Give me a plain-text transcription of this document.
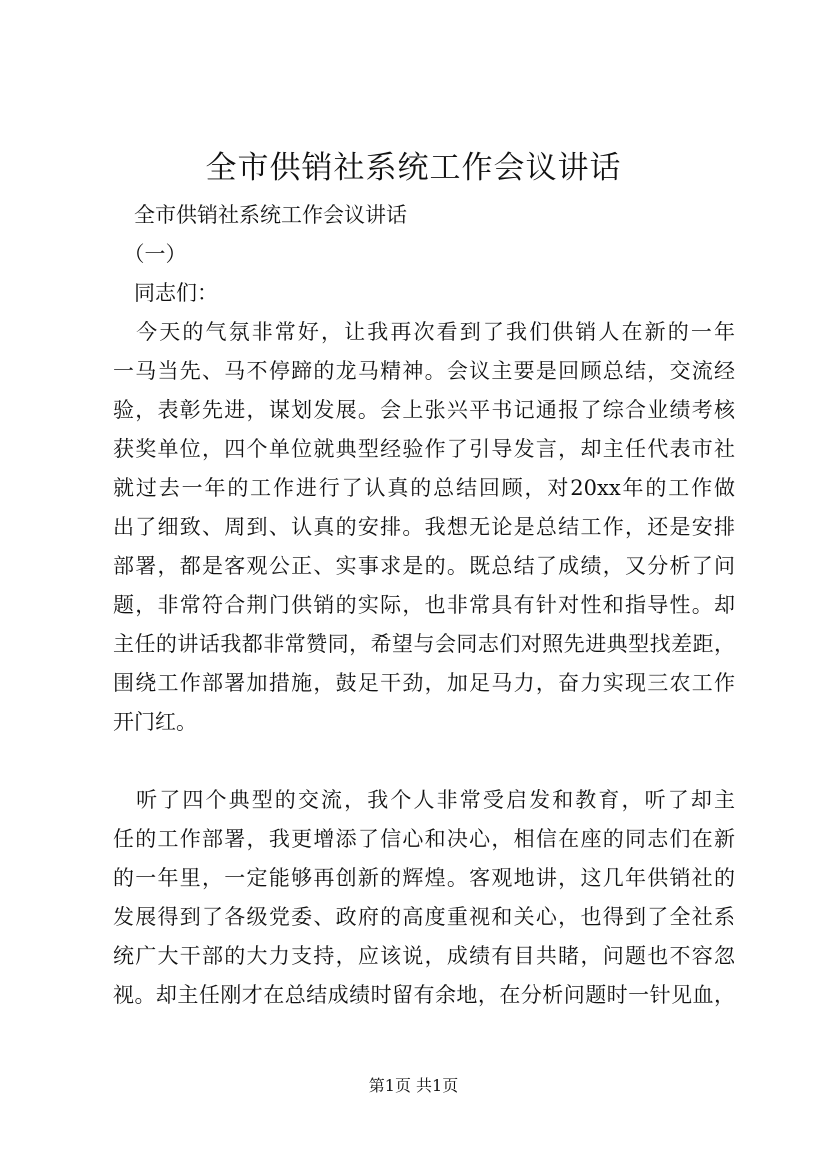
全市供销社系统工作会议讲话
　全市供销社系统工作会议讲话
　（一）
　同志们：
　今天的气氛非常好，让我再次看到了我们供销人在新的一年
一马当先、马不停蹄的龙马精神。会议主要是回顾总结，交流经
验，表彰先进，谋划发展。会上张兴平书记通报了综合业绩考核
获奖单位，四个单位就典型经验作了引导发言，却主任代表市社
就过去一年的工作进行了认真的总结回顾，对20xx年的工作做
出了细致、周到、认真的安排。我想无论是总结工作，还是安排
部署，都是客观公正、实事求是的。既总结了成绩，又分析了问
题，非常符合荆门供销的实际，也非常具有针对性和指导性。却
主任的讲话我都非常赞同，希望与会同志们对照先进典型找差距，
围绕工作部署加措施，鼓足干劲，加足马力，奋力实现三农工作
开门红。
　听了四个典型的交流，我个人非常受启发和教育，听了却主
任的工作部署，我更增添了信心和决心，相信在座的同志们在新
的一年里，一定能够再创新的辉煌。客观地讲，这几年供销社的
发展得到了各级党委、政府的高度重视和关心，也得到了全社系
统广大干部的大力支持，应该说，成绩有目共睹，问题也不容忽
视。却主任刚才在总结成绩时留有余地，在分析问题时一针见血，
第1页 共1页
